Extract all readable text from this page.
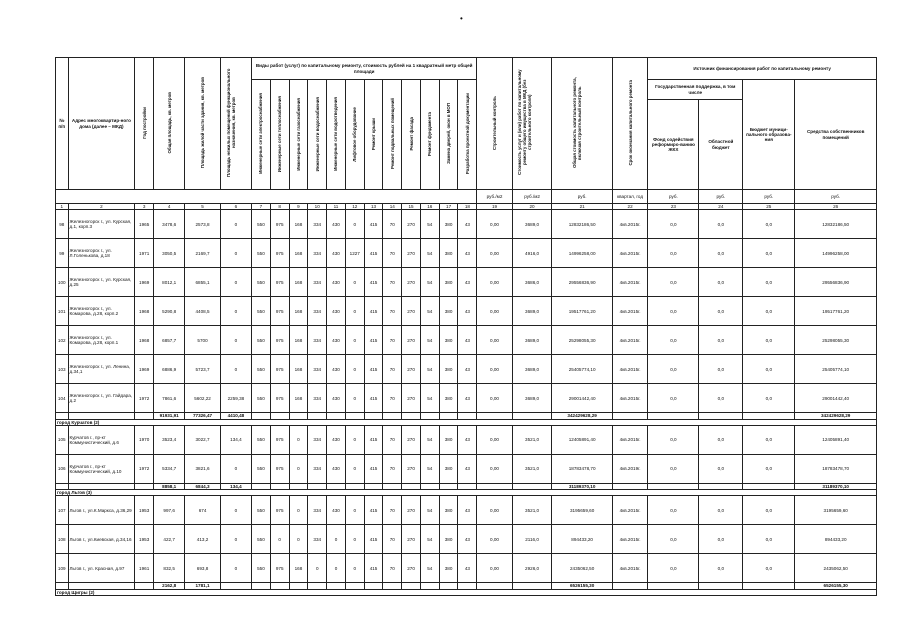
•
№ п/п	Адрес многоквартир-ного дома (далее – МКД)	Год постройки	Общая площадь, кв. метров	Площадь жилой части здания, кв. метров	Площадь нежилых помещений функционального назначения, кв. метров	Виды работ (услуг) по капитальному ремонту, стоимость рублей на 1 квадратный метр общей площади												Строительный контроль	Стоимость услуг и (или) работ по капитальному ремонту общего имущества в МКД (без строительного контроля)	Общая стоимость капитального ремонта, включая строительный контроль	Срок окончания капитального ремонта	Источник финансирования работ по капитальному ремонту			
						Инженерные сети электроснабжения	Инженерные сети теплоснабжения	Инженерные сети газоснабжения	Инженерные сети водоснабжения	Инженерные сети водоотведения	Лифтовое оборудование	Ремонт крыши	Ремонт подвальных помещений	Ремонт фасада	Ремонт фундамента	Замена дверей, окон в МОП	Разработка проектной документации					Государственная поддержка, в том числе		Бюджет муници-пального образова-ния	Средства собственников помещений
																						Фонд содействия реформиро-ванию ЖКХ	Областной бюджет		
																		руб./м2	руб./м2	руб.	квартал, год	руб.	руб.	руб.	руб.
1	2	3	4	5	6	7	8	9	10	11	12	13	14	15	16	17	18	19	20	21	22	23	24	25	26
98	Железногорск г., ул. Курская, д.1, корп.3	1965	3478,6	2573,8	0	550	975	168	334	430	0	415	70	270	54	380	43	0,00	3689,0	12832186,50	4кв.2015г.	0,0	0,0	0,0	12832186,50
99	Железногорск г., ул. Л.Голенькова, д.18	1971	3050,5	2169,7	0	550	975	168	334	430	1227	415	70	270	54	380	43	0,00	4916,0	14996258,00	4кв.2015г.	0,0	0,0	0,0	14996258,00
100	Железногорск г., ул. Курская, д.25	1969	8012,1	6855,1	0	550	975	168	334	430	0	415	70	270	54	380	43	0,00	3686,0	29556836,90	4кв.2015г.	0,0	0,0	0,0	29556836,90
101	Железногорск г., ул. Комарова, д.28, корп.2	1968	5290,8	4408,5	0	550	975	168	334	430	0	415	70	270	54	380	43	0,00	3689,0	19517761,20	4кв.2015г.	0,0	0,0	0,0	19517761,20
102	Железногорск г., ул. Комарова, д.28, корп.1	1968	6857,7	5700	0	550	975	168	334	430	0	415	70	270	54	380	43	0,00	3689,0	25298055,30	4кв.2015г.	0,0	0,0	0,0	25298055,30
103	Железногорск г., ул. Ленина, д.34,1	1969	6886,9	5723,7	0	550	975	168	334	430	0	415	70	270	54	380	43	0,00	3689,0	25405774,10	4кв.2015г.	0,0	0,0	0,0	25405774,10
104	Железногорск г., ул. Гайдара, д.2	1972	7861,6	5602,22	2259,38	550	975	168	334	430	0	415	70	270	54	380	43	0,00	3689,0	29001442,40	4кв.2015г.	0,0	0,0	0,0	29001442,40
			91931,91	77326,47	4410,48															342429628,29					342429628,29
город Курчатов (2)																									
105	Курчатов г., пр-кт Коммунистический, д.6	1970	3523,4	3022,7	134,4	550	975	0	334	430	0	415	70	270	54	380	43	0,00	3521,0	12405891,40	4кв.2015г.	0,0	0,0	0,0	12405891,40
106	Курчатов г., пр-кт Коммунистический, д.10	1972	5334,7	3821,6	0	550	975	0	334	430	0	415	70	270	54	380	43	0,00	3521,0	18783478,70	4кв.2019г.	0,0	0,0	0,0	18783478,70
			8858,1	6844,3	134,4															31189370,10					31189370,10
город Льгов (3)																									
107	Льгов г., ул.К.Маркса, д.36,29	1953	997,6	674	0	550	975	0	334	430	0	415	70	270	54	380	43	0,00	3521,0	3195659,60	4кв.2015г.	0,0	0,0	0,0	3195659,60
108	Льгов г., ул.Киевская, д.34,16	1953	422,7	413,2	0	550	0	0	334	0	0	415	70	270	54	380	43	0,00	2116,0	894433,20	4кв.2015г.	0,0	0,0	0,0	894433,20
109	Льгов г., ул. Красная, д.97	1961	832,5	693,8	0	550	975	168	0	0	0	415	70	270	54	380	43	0,00	2926,0	2435062,50	4кв.2015г.	0,0	0,0	0,0	2435062,50
			2162,8	1781,1																6526155,30					6526155,30
город Щигры (2)																									
